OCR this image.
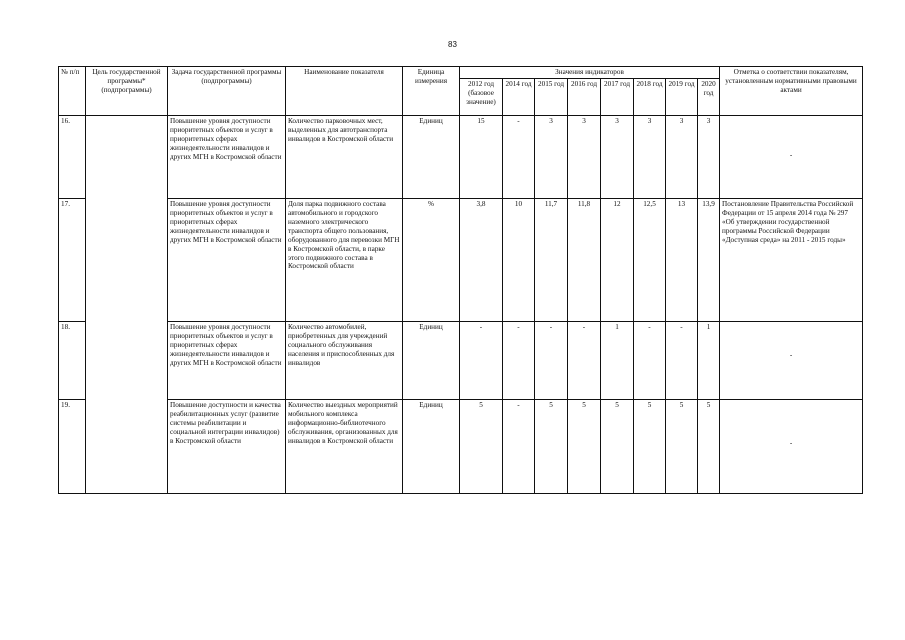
83
№ п/п	Цель государственной программы* (подпрограммы)	Задача государственной программы (подпрограммы)	Наименование показателя	Единица измерения	Значения индикаторов								Отметка о соответствии показателям, установленным нормативными правовыми актами
					2012 год (базовое значение)	2014 год	2015 год	2016 год	2017 год	2018 год	2019 год	2020 год	
16.		Повышение уровня доступности приоритетных объектов и услуг в приоритетных сферах жизнедеятельности инвалидов и других МГН в Костромской области	Количество парковочных мест, выделенных для автотранспорта инвалидов в Костромской области	Единиц	15	-	3	3	3	3	3	3	-

17.		Повышение уровня доступности приоритетных объектов и услуг в приоритетных сферах жизнедеятельности инвалидов и других МГН в Костромской области	Доля парка подвижного состава автомобильного и городского наземного электрического транспорта общего пользования, оборудованного для перевозки МГН в Костромской области, в парке этого подвижного состава в Костромской области	%	3,8	10	11,7	11,8	12	12,5	13	13,9	Постановление Правительства Российской Федерации от 15 апреля 2014 года № 297 «Об утверждении государственной программы Российской Федерации «Доступная среда» на 2011 - 2015 годы»
18.		Повышение уровня доступности приоритетных объектов и услуг в приоритетных сферах жизнедеятельности инвалидов и других МГН в Костромской области	Количество автомобилей, приобретенных для учреждений социального обслуживания населения и приспособленных для инвалидов	Единиц	-	-	-	-	1	-	-	1	-

19.		Повышение доступности и качества реабилитационных услуг (развитие системы реабилитации и социальной интеграции инвалидов) в Костромской области	Количество выездных мероприятий мобильного комплекса информационно-библиотечного обслуживания, организованных для инвалидов в Костромской области	Единиц	5	-	5	5	5	5	5	5	-
